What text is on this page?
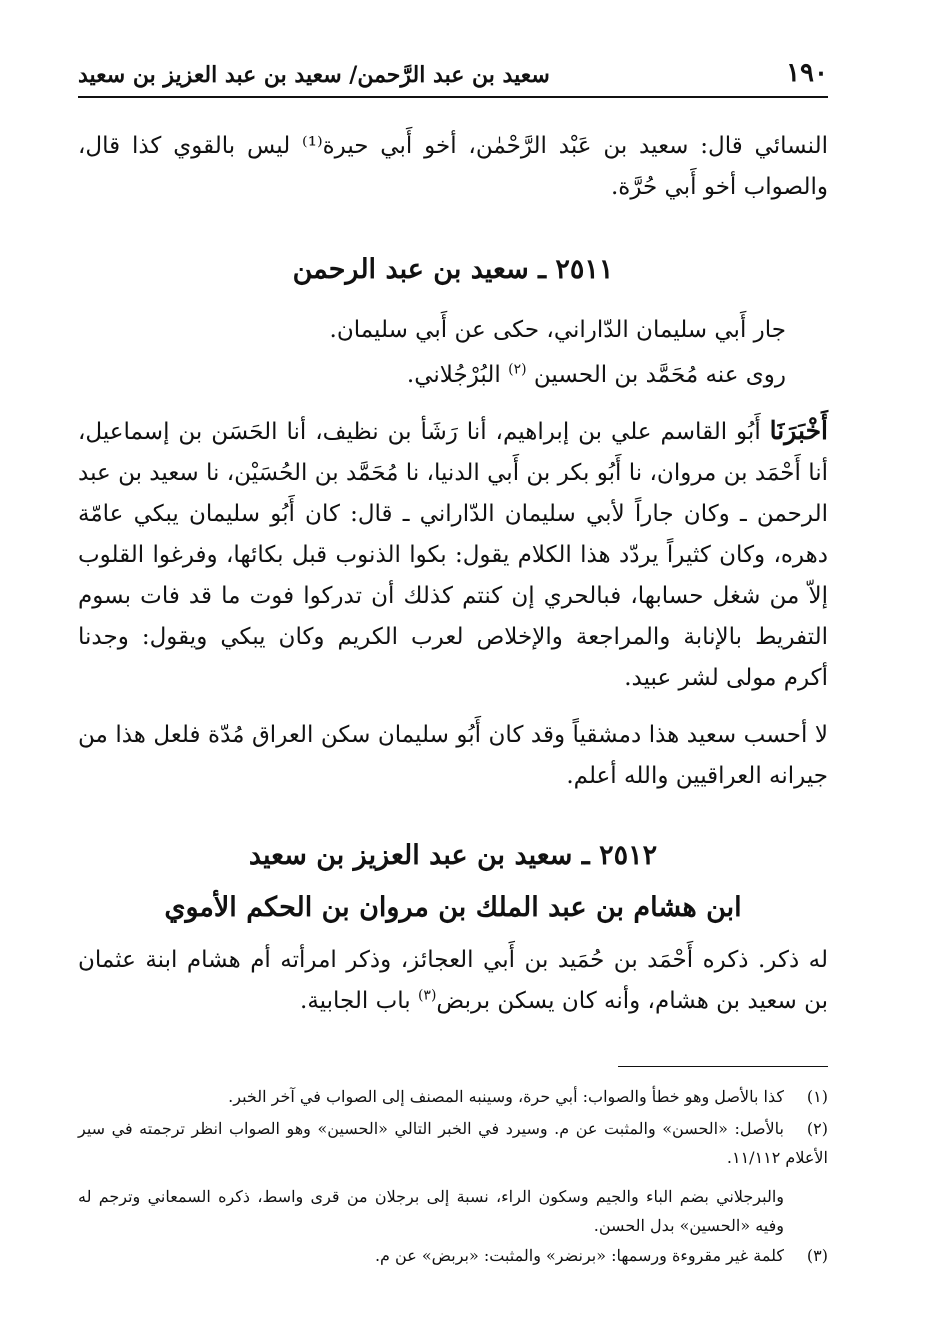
سعيد بن عبد الرَّحمن/ سعيد بن عبد العزيز بن سعيد	١٩٠
النسائي قال: سعيد بن عَبْد الرَّحْمٰن، أخو أَبي حيرة⁽¹⁾ ليس بالقوي كذا قال، والصواب أخو أَبي حُرَّة.
٢٥١١ ـ سعيد بن عبد الرحمن
جار أَبي سليمان الدّاراني، حكى عن أَبي سليمان.
روى عنه مُحَمَّد بن الحسين $^{(٢)}$ البُرْجُلاني.
أَخْبَرَنَا أَبُو القاسم علي بن إبراهيم، أنا رَشَأ بن نظيف، أنا الحَسَن بن إسماعيل، أنا أَحْمَد بن مروان، نا أَبُو بكر بن أَبي الدنيا، نا مُحَمَّد بن الحُسَيْن، نا سعيد بن عبد الرحمن ـ وكان جاراً لأبي سليمان الدّاراني ـ قال: كان أَبُو سليمان يبكي عامّة دهره، وكان كثيراً يردّد هذا الكلام يقول: بكوا الذنوب قبل بكائها، وفرغوا القلوب إلاّ من شغل حسابها، فبالحري إن كنتم كذلك أن تدركوا فوت ما قد فات بسوم التفريط بالإنابة والمراجعة والإخلاص لعرب الكريم وكان يبكي ويقول: وجدنا أكرم مولى لشر عبيد.
لا أحسب سعيد هذا دمشقياً وقد كان أَبُو سليمان سكن العراق مُدّة فلعل هذا من جيرانه العراقيين والله أعلم.
٢٥١٢ ـ سعيد بن عبد العزيز بن سعيد
ابن هشام بن عبد الملك بن مروان بن الحكم الأموي
له ذكر. ذكره أَحْمَد بن حُمَيد بن أَبي العجائز، وذكر امرأته أم هشام ابنة عثمان بن سعيد بن هشام، وأنه كان يسكن بربض$^{(٣)}$ باب الجابية.
(١)كذا بالأصل وهو خطأ والصواب: أبي حرة، وسينبه المصنف إلى الصواب في آخر الخبر.
(٢)بالأصل: «الحسن» والمثبت عن م. وسيرد في الخبر التالي «الحسين» وهو الصواب انظر ترجمته في سير الأعلام ١١/١١٢.
والبرجلاني بضم الباء والجيم وسكون الراء، نسبة إلى برجلان من قرى واسط، ذكره السمعاني وترجم له وفيه «الحسين» بدل الحسن.
(٣)كلمة غير مقروءة ورسمها: «برنضر» والمثبت: «بربض» عن م.
